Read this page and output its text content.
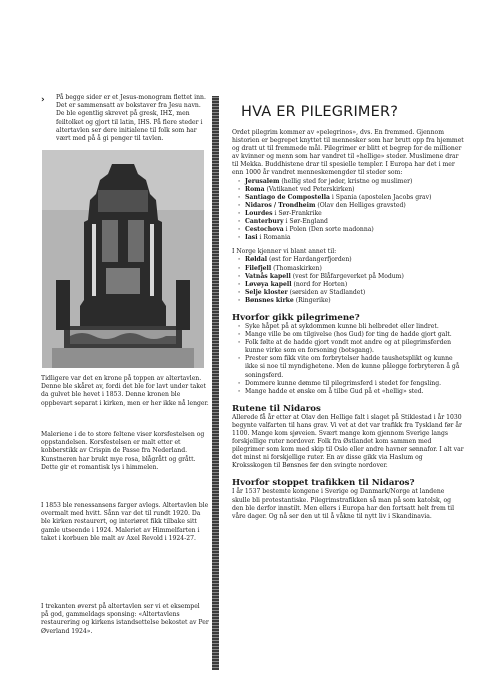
› På begge sider er et Jesus-monogram flettet inn. Det er sammensatt av bokstaver fra Jesu navn. De ble egentlig skrevet på gresk, IHΣ, men feiltolket og gjort til latin, IHS. På flere steder i altertavlen ser dere initialene til folk som har vært med på å gi penger til tavlen.

Tidligere var det en krone på toppen av altertavlen. Denne ble skåret av, fordi det ble for lavt under taket da gulvet ble hevet i 1853. Denne kronen ble oppbevart separat i kirken, men er her ikke nå lenger.

Maleriene i de to store feltene viser korsfestelsen og oppstandelsen. Korsfestelsen er malt etter et kobberstikk av Crispin de Passe fra Nederland. Kunstneren har brukt mye rosa, blågrått og grått. Dette gir et romantisk lys i himmelen.

I 1853 ble renessansens farger avlegs. Altertavlen ble overmalt med hvitt. Sånn var det til rundt 1920. Da ble kirken restaurert, og interiøret fikk tilbake sitt gamle utseende i 1924. Maleriet av Himmelfarten i taket i korbuen ble malt av Axel Revold i 1924-27.

I trekanten øverst på altertavlen ser vi et eksempel på god, gammeldags sponsing: «Altertavlens restaurering og kirkens istandsettelse bekostet av Per Øverland 1924».

HVA ER PILEGRIMER?

Ordet pilegrim kommer av «pelegrinos», dvs. En fremmed. Gjennom historien er begrepet knyttet til mennesker som har brutt opp fra hjemmet og dratt ut til fremmede mål. Pilegrimer er blitt et begrep for de millioner av kvinner og menn som har vandret til «hellige» steder. Muslimene drar til Mekka. Buddhistene drar til spesielle templer. I Europa har det i mer enn 1000 år vandret menneskemengder til steder som:

· Jerusalem (hellig sted for jøder, kristne og muslimer)
· Roma (Vatikanet ved Peterskirken)
· Santiago de Compostella i Spania (apostelen Jacobs grav)
· Nidaros / Trondheim (Olav den Helliges gravsted)
· Lourdes i Sør-Frankrike
· Canterbury i Sør-England
· Cestochova i Polen (Den sorte madonna)
· Iasi i Romania

I Norge kjenner vi blant annet til:

· Røldal (øst for Hardangerfjorden)
· Filefjell (Thomaskirken)
· Vatnås kapell (vest for Blåfargeverket på Modum)
· Løvøya kapell (nord for Horten)
· Selje kloster (sørsiden av Stadlandet)
· Bønsnes kirke (Ringerike)
Hvorfor gikk pilegrimene?
· Syke håpet på at sykdommen kunne bli helbredet eller lindret.
· Mange ville be om tilgivelse (hos Gud) for ting de hadde gjort galt.
· Folk følte at de hadde gjort vondt mot andre og at pilegrimsferden kunne virke som en forsoning (botsgang).
· Prester som fikk vite om forbrytelser hadde taushetsplikt og kunne ikke si noe til myndighetene. Men de kunne pålegge forbryteren å gå soningsferd.
· Dommere kunne dømme til pilegrimsferd i stedet for fengsling.
· Mange hadde et ønske om å tilbe Gud på et «hellig» sted.
Rutene til Nidaros

Allerede få år etter at Olav den Hellige falt i slaget på Stiklestad i år 1030 begynte valfarten til hans grav. Vi vet at det var trafikk fra Tyskland før år 1100. Mange kom sjøveien. Svært mange kom gjennom Sverige langs forskjellige ruter nordover. Folk fra Østlandet kom sammen med pilegrimer som kom med skip til Oslo eller andre havner sønnafor. I alt var det minst ni forskjellige ruter. En av disse gikk via Haslum og Kroksskogen til Bønsnes før den svingte nordover.

Hvorfor stoppet trafikken til Nidaros?

I år 1537 bestemte kongene i Sverige og Danmark/Norge at landene skulle bli protestantiske. Pilegrimstrafikken så man på som katolsk, og den ble derfor innstilt. Men ellers i Europa har den fortsatt helt frem til våre dager. Og nå ser den ut til å våkne til nytt liv i Skandinavia.
